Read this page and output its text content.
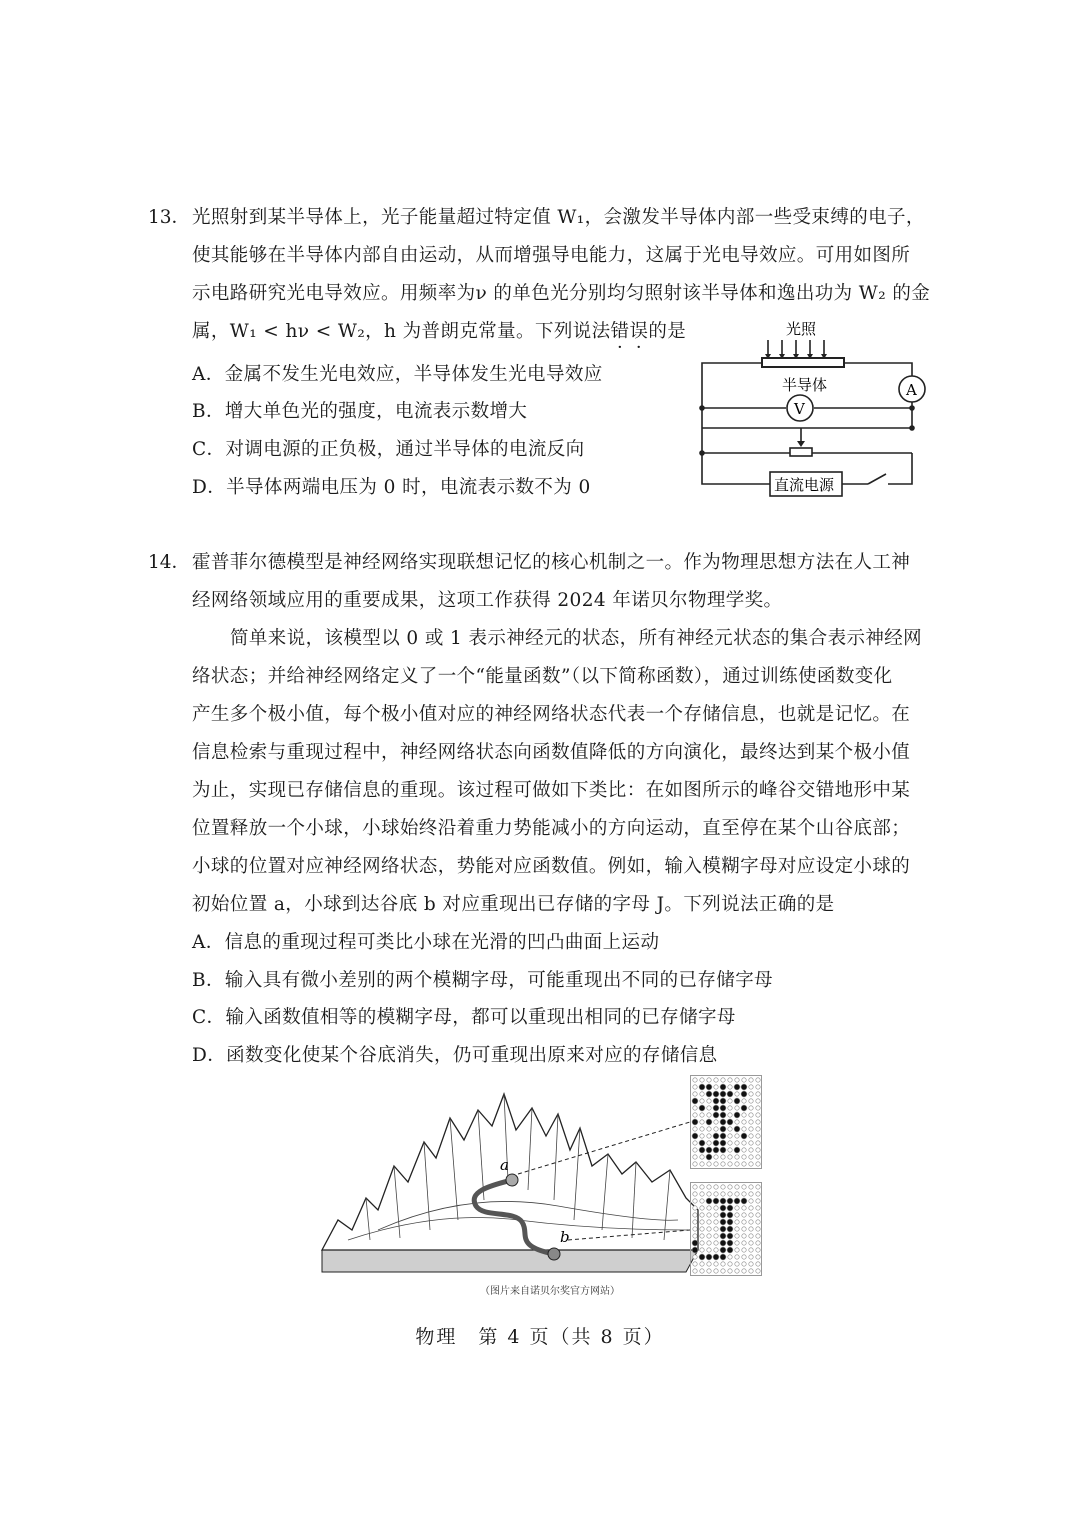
13． 光照射到某半导体上，光子能量超过特定值 W₁，会激发半导体内部一些受束缚的电子，
使其能够在半导体内部自由运动，从而增强导电能力，这属于光电导效应。可用如图所
示电路研究光电导效应。用频率为ν 的单色光分别均匀照射该半导体和逸出功为 W₂ 的金
属，W₁ < hν < W₂，h 为普朗克常量。下列说法错误的是
A．金属不发生光电效应，半导体发生光电导效应
B．增大单色光的强度，电流表示数增大
C．对调电源的正负极，通过半导体的电流反向
D．半导体两端电压为 0 时，电流表示数不为 0
光照
半导体	A
V
直流电源
14． 霍普菲尔德模型是神经网络实现联想记忆的核心机制之一。作为物理思想方法在人工神
经网络领域应用的重要成果，这项工作获得 2024 年诺贝尔物理学奖。
简单来说，该模型以 0 或 1 表示神经元的状态，所有神经元状态的集合表示神经网
络状态；并给神经网络定义了一个“能量函数”（以下简称函数），通过训练使函数变化
产生多个极小值，每个极小值对应的神经网络状态代表一个存储信息，也就是记忆。在
信息检索与重现过程中，神经网络状态向函数值降低的方向演化，最终达到某个极小值
为止，实现已存储信息的重现。该过程可做如下类比：在如图所示的峰谷交错地形中某
位置释放一个小球，小球始终沿着重力势能减小的方向运动，直至停在某个山谷底部；
小球的位置对应神经网络状态，势能对应函数值。例如，输入模糊字母对应设定小球的
初始位置 a，小球到达谷底 b 对应重现出已存储的字母 J。下列说法正确的是
A．信息的重现过程可类比小球在光滑的凹凸曲面上运动
B．输入具有微小差别的两个模糊字母，可能重现出不同的已存储字母
C．输入函数值相等的模糊字母，都可以重现出相同的已存储字母
D．函数变化使某个谷底消失，仍可重现出原来对应的存储信息
a
b
（图片来自诺贝尔奖官方网站）
物理　第 4 页（共 8 页）
